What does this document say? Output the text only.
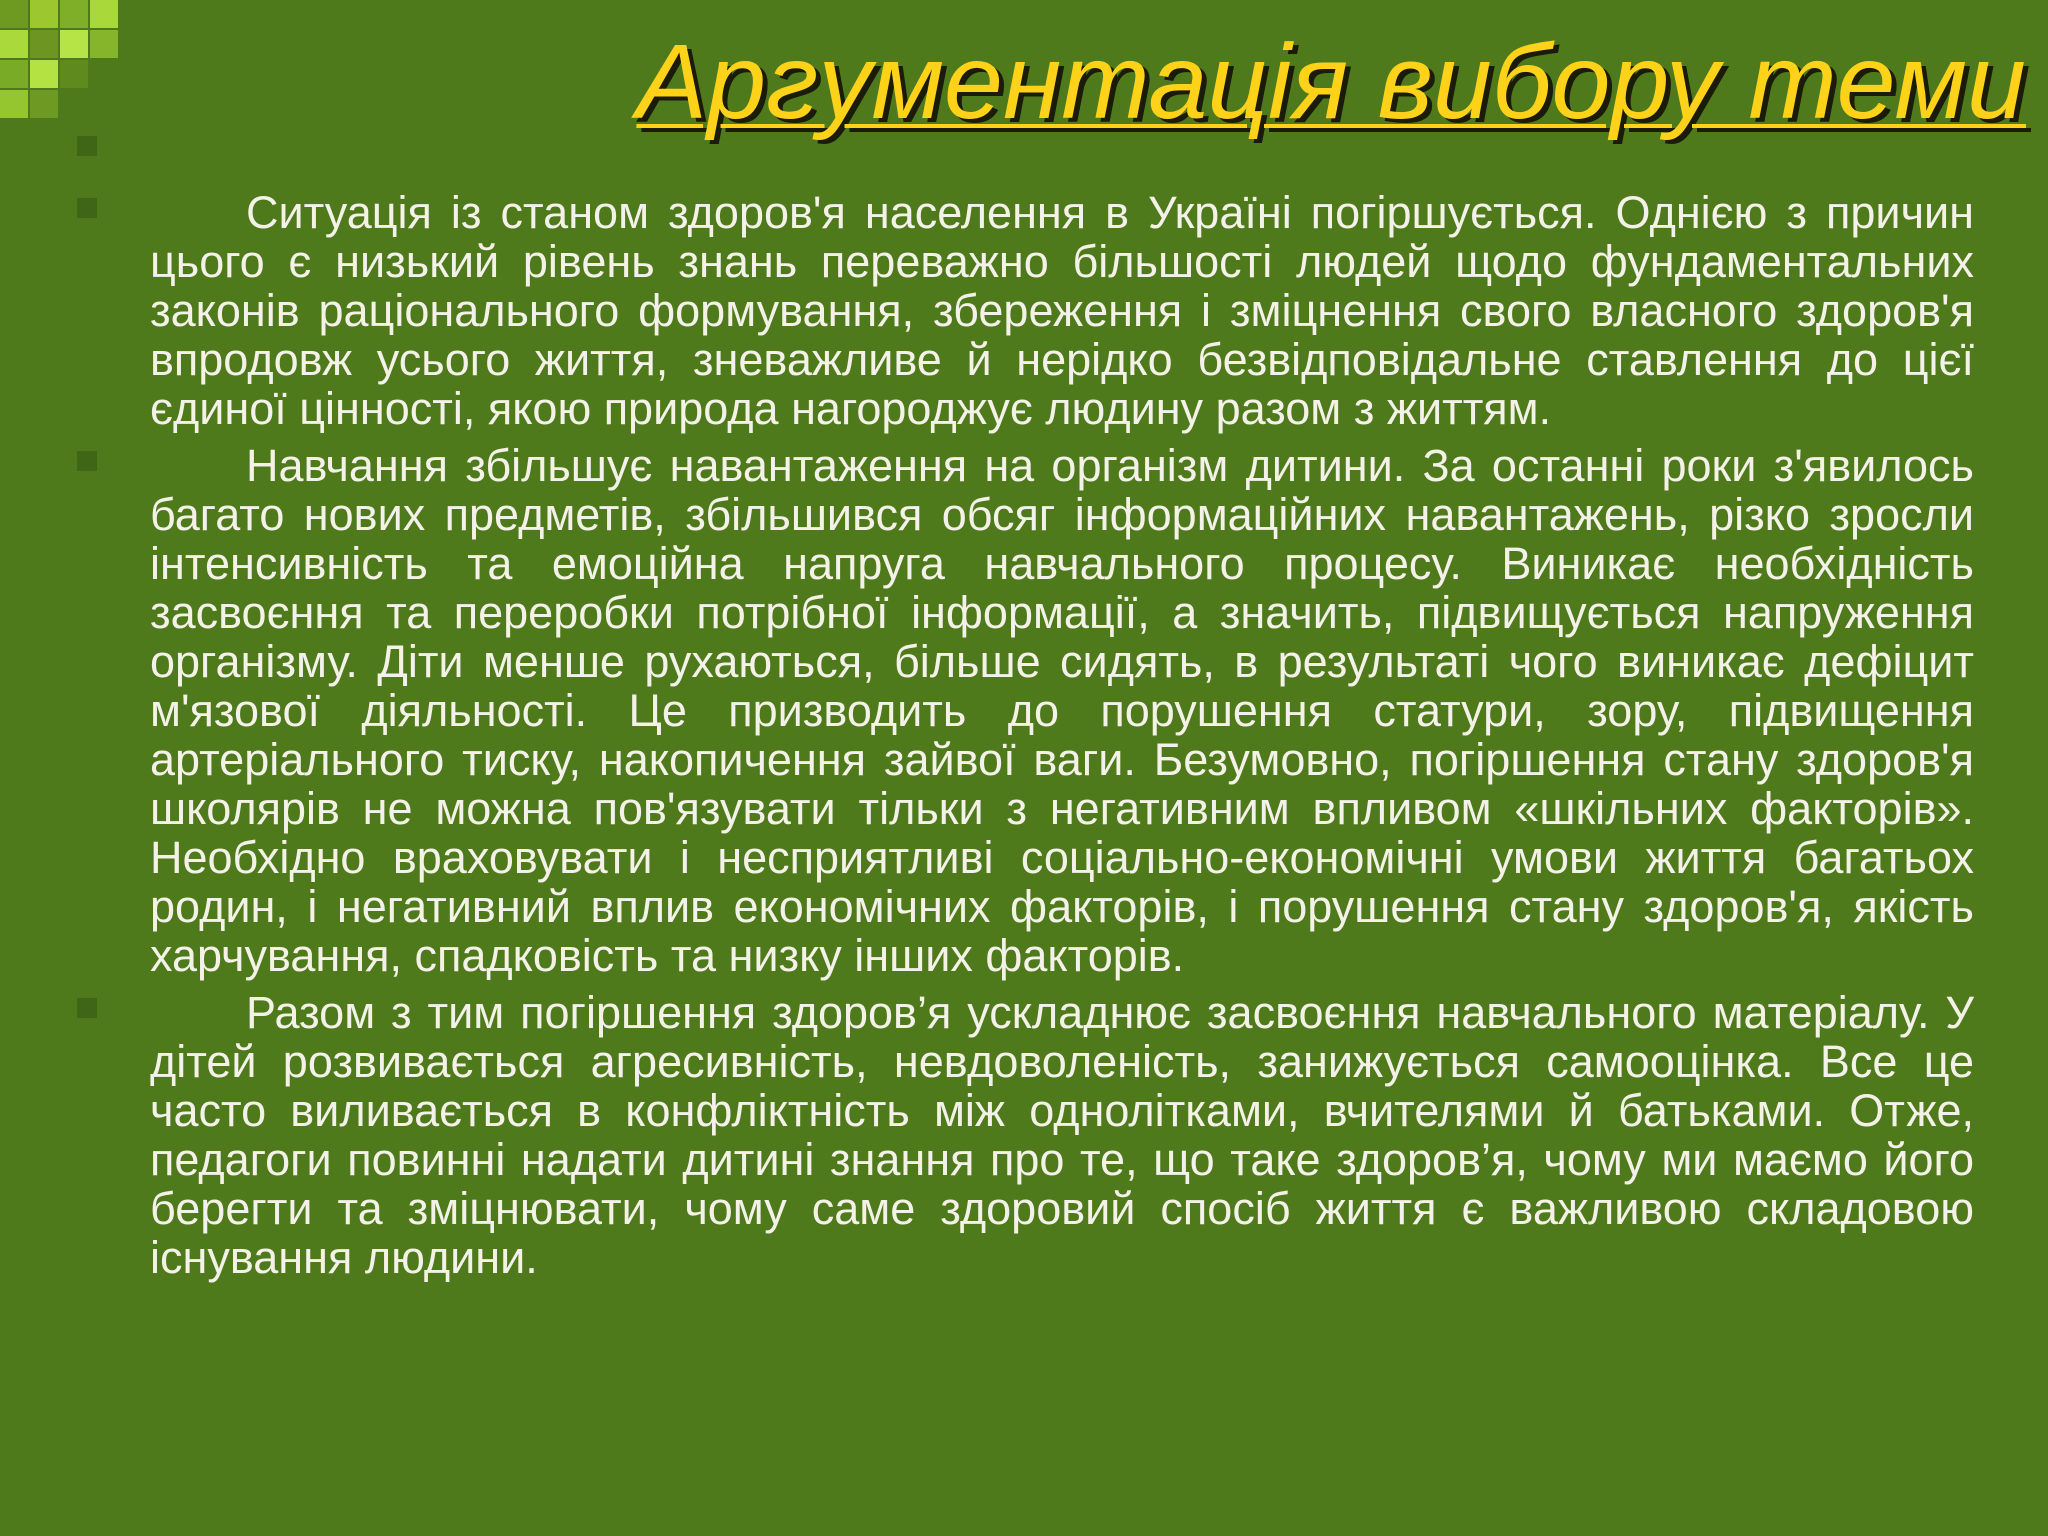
Аргументація вибору теми
Ситуація із станом здоров'я населення в Україні погіршується. Однією з причин цього є низький рівень знань переважно більшості людей щодо фундаментальних законів раціонального формування, збереження і зміцнення свого власного здоров'я впродовж усього життя, зневажливе й нерідко безвідповідальне ставлення до цієї єдиної цінності, якою природа нагороджує людину разом з життям.
Навчання збільшує навантаження на організм дитини. За останні роки з'явилось багато нових предметів, збільшився обсяг інформаційних навантажень, різко зросли інтенсивність та емоційна напруга навчального процесу. Виникає необхідність засвоєння та переробки потрібної інформації, а значить, підвищується напруження організму. Діти менше рухаються, більше сидять, в результаті чого виникає дефіцит м'язової діяльності. Це призводить до порушення статури, зору, підвищення артеріального тиску, накопичення зайвої ваги. Безумовно, погіршення стану здоров'я школярів не можна пов'язувати тільки з негативним впливом «шкільних факторів». Необхідно враховувати і несприятливі соціально-економічні умови життя багатьох родин, і негативний вплив економічних факторів, і порушення стану здоров'я, якість харчування, спадковість та низку інших факторів.
Разом з тим погіршення здоров’я ускладнює засвоєння навчального матеріалу. У дітей розвивається агресивність, невдоволеність, занижується самооцінка. Все це часто виливається в конфліктність між однолітками, вчителями й батьками. Отже, педагоги повинні надати дитині знання про те, що таке здоров’я, чому ми маємо його берегти та зміцнювати, чому саме здоровий спосіб життя є важливою складовою існування людини.
